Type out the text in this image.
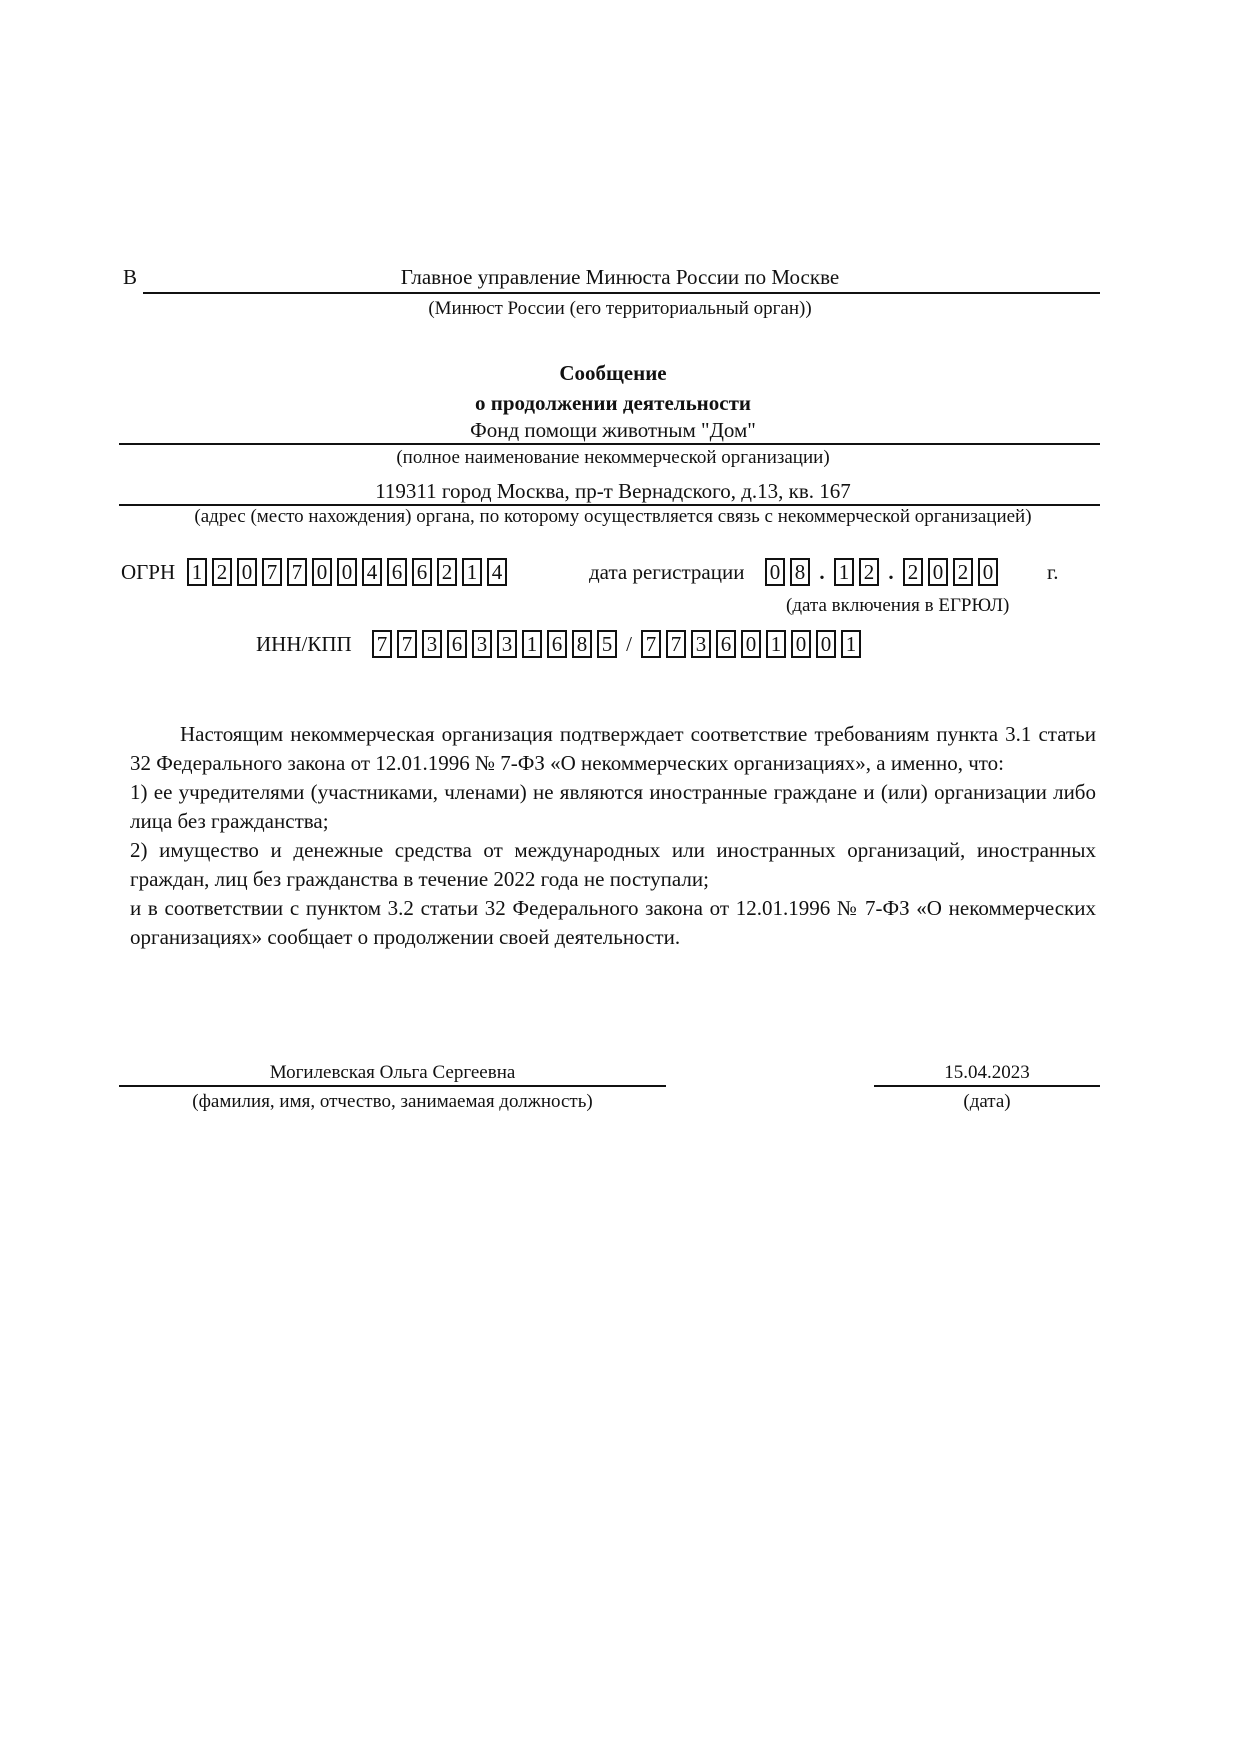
В	Главное управление Минюста России по Москве
(Минюст России (его территориальный орган))
Сообщение
о продолжении деятельности
Фонд помощи животным "Дом"
(полное наименование некоммерческой организации)
119311 город Москва, пр-т Вернадского, д.13, кв. 167
(адрес (место нахождения) органа, по которому осуществляется связь с некоммерческой организацией)
ОГРН 1 2 0 7 7 0 0 4 6 6 2 1 4	дата регистрации 0 8 . 1 2 . 2 0 2 0	г.
(дата включения в ЕГРЮЛ)
ИНН/КПП 7 7 3 6 3 3 1 6 8 5 / 7 7 3 6 0 1 0 0 1

Настоящим некоммерческая организация подтверждает соответствие требованиям пункта 3.1 статьи 32 Федерального закона от 12.01.1996 № 7-ФЗ «О некоммерческих организациях», а именно, что:

1) ее учредителями (участниками, членами) не являются иностранные граждане и (или) организации либо лица без гражданства;

2) имущество и денежные средства от международных или иностранных организаций, иностранных граждан, лиц без гражданства в течение 2022 года не поступали;

и в соответствии с пунктом 3.2 статьи 32 Федерального закона от 12.01.1996 № 7-ФЗ «О некоммерческих организациях» сообщает о продолжении своей деятельности.

Могилевская Ольга Сергеевна
(фамилия, имя, отчество, занимаемая должность)
15.04.2023
(дата)
